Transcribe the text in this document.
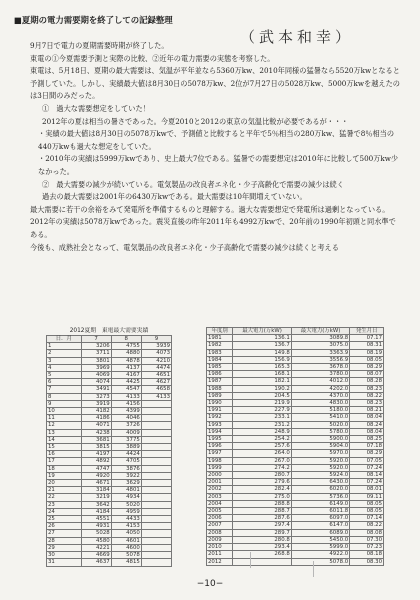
■夏期の電力需要期を終了しての記録整理
（武本和幸）

9月7日で電力の夏期需要時期が終了した。

東電の①今夏需要予測と実際の比較、②近年の電力需要の実態を考察した。

東電は、5月18日、夏期の最大需要は、気温が平年並なら5360万kw、2010年同様の猛暑なら5520万kwとなると予測していた。しかし、実績最大値は8月30日の5078万kw、2位が7月27日の5028万kw、5000万kwを越えたのは3日間のみだった。

①　過大な需要想定をしていた！

2012年の夏は相当の暑さであった。今夏2010と2012の東京の気温比較が必要であるが・・・

・実績の最大値は8月30日の5078万kwで、予測値と比較すると平年で5％相当の280万kw、猛暑で8％相当の440万kwも過大な想定をしていた。

・2010年の実績は5999万kwであり、史上最大7位である。猛暑での需要想定は2010年に比較して500万kw少なかった。

②　最大需要の減少が続いている。電気製品の改良者エネ化・少子高齢化で需要の減少は続く

過去の最大需要は2001年の6430万kwである。最大需要は10年間増えていない。

最大需要に若干の余裕をみて発電所を準備するものと理解する。過大な需要想定で発電所は過剰となっている。

2012年の実績は5078万kwであった。震災直後の昨年2011年も4992万kwで、20年前の1990年初頭と同水準である。

今後も、成熟社会となって、電気製品の改良者エネ化・少子高齢化で需要の減少は続くと考える

2012夏期　東電最大需要実績
日．月	7	8	9
1	3206	4755	3939
2	3711	4880	4073
3	3801	4878	4210
4	3969	4137	4474
5	4069	4167	4651
6	4074	4425	4627
7	3491	4547	4658
8	3273	4133	4133
9	3919	4156	
10	4182	4399	
11	4186	4046	
12	4071	3726	
13	4238	4009	
14	3681	3775	
15	3815	3889	
16	4197	4424	
17	4892	4705	
18	4747	3876	
19	4920	3922	
20	4671	3629	
21	3184	4801	
22	3219	4934	
23	3642	5020	
24	4184	4959	
25	4551	4433	
26	4931	4153	
27	5028	4050	
28	4580	4601	
29	4221	4600	
30	4669	5078	
31	4637	4815	
年度別	最大電力(万kW)	最大電力(万kW)	発生月日
1981	136.1	3089.8	07.17
1982	136.7	3075.0	08.31
1983	149.8	3363.9	08.19
1984	156.9	3556.9	08.05
1985	165.3	3678.0	08.29
1986	168.1	3780.0	08.07
1987	182.1	4012.0	08.28
1988	190.2	4202.0	08.23
1989	204.5	4370.0	08.22
1990	219.9	4830.0	08.23
1991	227.9	5180.0	08.21
1992	233.1	5410.0	08.04
1993	231.2	5020.0	08.24
1994	248.9	5780.0	08.04
1995	254.2	5900.0	08.25
1996	257.6	5904.0	07.18
1997	264.0	5970.0	08.29
1998	267.0	5920.0	07.05
1999	274.2	5920.0	07.24
2000	280.7	5924.0	08.14
2001	279.6	6430.0	07.24
2002	282.4	6020.0	08.01
2003	275.0	5736.0	09.11
2004	288.8	6149.0	08.05
2005	288.7	6011.8	08.05
2006	287.6	6097.0	07.14
2007	297.4	6147.0	08.22
2008	289.7	6089.0	08.08
2009	280.8	5450.0	07.30
2010	293.4	5999.0	07.23
2011	268.8	4922.0	08.18
2012		5078.0	08.30
−10−
